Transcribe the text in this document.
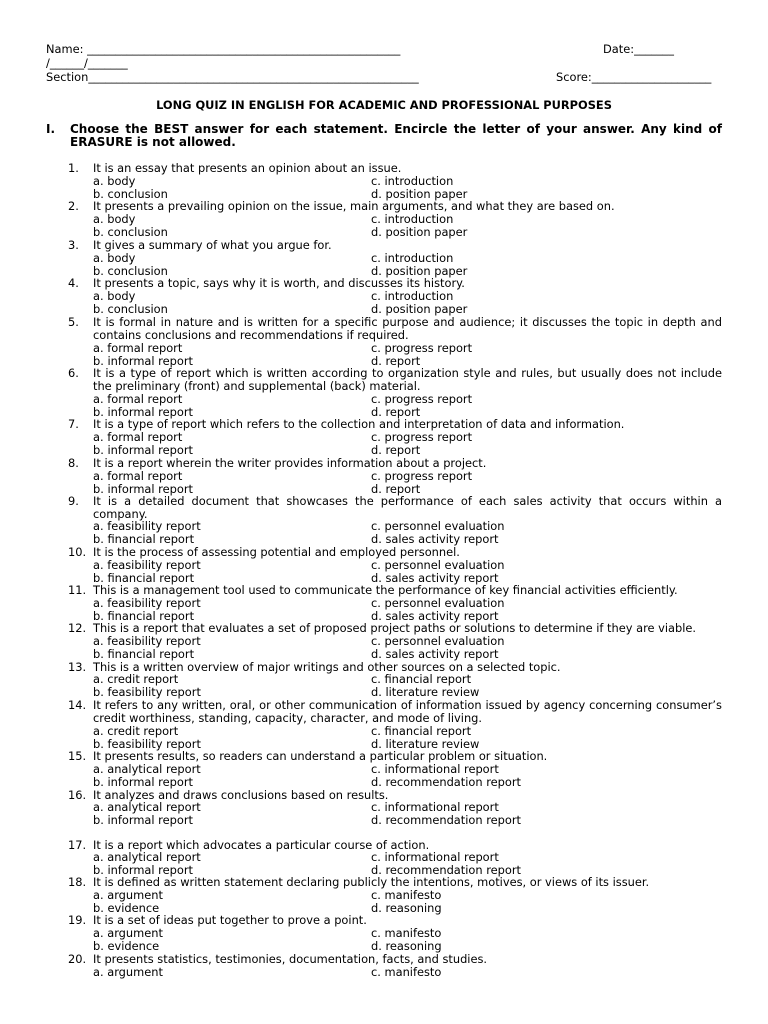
Name: _______________________________________________________	Date:_______
/______/_______
Section__________________________________________________________	Score:_____________________
LONG QUIZ IN ENGLISH FOR ACADEMIC AND PROFESSIONAL PURPOSES
I. Choose the BEST answer for each statement. Encircle the letter of your answer. Any kind of ERASURE is not allowed.
1.	It is an essay that presents an opinion about an issue.
a. body	c. introduction
b. conclusion	d. position paper
2.	It presents a prevailing opinion on the issue, main arguments, and what they are based on.
a. body	c. introduction
b. conclusion	d. position paper
3.	It gives a summary of what you argue for.
a. body	c. introduction
b. conclusion	d. position paper
4.	It presents a topic, says why it is worth, and discusses its history.
a. body	c. introduction
b. conclusion	d. position paper
5.	It is formal in nature and is written for a specific purpose and audience; it discusses the topic in depth and contains conclusions and recommendations if required.
a. formal report	c. progress report
b. informal report	d. report
6.	It is a type of report which is written according to organization style and rules, but usually does not include the preliminary (front) and supplemental (back) material.
a. formal report	c. progress report
b. informal report	d. report
7.	It is a type of report which refers to the collection and interpretation of data and information.
a. formal report	c. progress report
b. informal report	d. report
8.	It is a report wherein the writer provides information about a project.
a. formal report	c. progress report
b. informal report	d. report
9.	It is a detailed document that showcases the performance of each sales activity that occurs within a company.
a. feasibility report	c. personnel evaluation
b. financial report	d. sales activity report
10. It is the process of assessing potential and employed personnel.
a. feasibility report	c. personnel evaluation
b. financial report	d. sales activity report
11. This is a management tool used to communicate the performance of key financial activities efficiently.
a. feasibility report	c. personnel evaluation
b. financial report	d. sales activity report
12. This is a report that evaluates a set of proposed project paths or solutions to determine if they are viable.
a. feasibility report	c. personnel evaluation
b. financial report	d. sales activity report
13. This is a written overview of major writings and other sources on a selected topic.
a. credit report	c. financial report
b. feasibility report	d. literature review
14. It refers to any written, oral, or other communication of information issued by agency concerning consumer’s credit worthiness, standing, capacity, character, and mode of living.
a. credit report	c. financial report
b. feasibility report	d. literature review
15. It presents results, so readers can understand a particular problem or situation.
a. analytical report	c. informational report
b. informal report	d. recommendation report
16. It analyzes and draws conclusions based on results.
a. analytical report	c. informational report
b. informal report	d. recommendation report
17. It is a report which advocates a particular course of action.
a. analytical report	c. informational report
b. informal report	d. recommendation report
18. It is defined as written statement declaring publicly the intentions, motives, or views of its issuer.
a. argument	c. manifesto
b. evidence	d. reasoning
19. It is a set of ideas put together to prove a point.
a. argument	c. manifesto
b. evidence	d. reasoning
20. It presents statistics, testimonies, documentation, facts, and studies.
a. argument	c. manifesto
